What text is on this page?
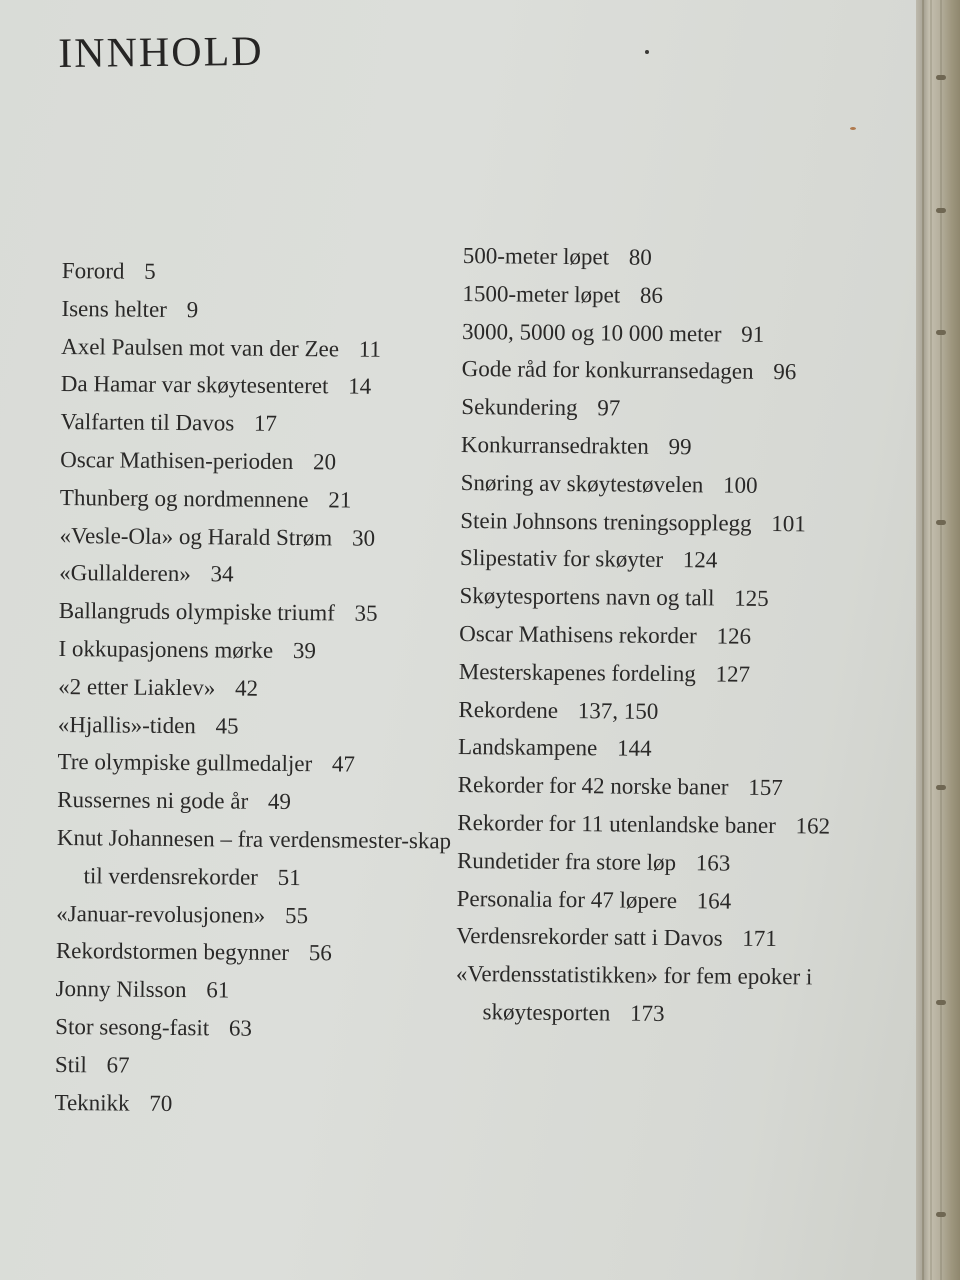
INNHOLD
Forord 5
Isens helter 9
Axel Paulsen mot van der Zee 11
Da Hamar var skøytesenteret 14
Valfarten til Davos 17
Oscar Mathisen-perioden 20
Thunberg og nordmennene 21
«Vesle-Ola» og Harald Strøm 30
«Gullalderen» 34
Ballangruds olympiske triumf 35
I okkupasjonens mørke 39
«2 etter Liaklev» 42
«Hjallis»-tiden 45
Tre olympiske gullmedaljer 47
Russernes ni gode år 49
Knut Johannesen – fra verdensmester-skap til verdensrekorder 51
«Januar-revolusjonen» 55
Rekordstormen begynner 56
Jonny Nilsson 61
Stor sesong-fasit 63
Stil 67
Teknikk 70
500-meter løpet 80
1500-meter løpet 86
3000, 5000 og 10 000 meter 91
Gode råd for konkurransedagen 96
Sekundering 97
Konkurransedrakten 99
Snøring av skøytestøvelen 100
Stein Johnsons treningsopplegg 101
Slipestativ for skøyter 124
Skøytesportens navn og tall 125
Oscar Mathisens rekorder 126
Mesterskapenes fordeling 127
Rekordene 137, 150
Landskampene 144
Rekorder for 42 norske baner 157
Rekorder for 11 utenlandske baner 162
Rundetider fra store løp 163
Personalia for 47 løpere 164
Verdensrekorder satt i Davos 171
«Verdensstatistikken» for fem epoker i skøytesporten 173
